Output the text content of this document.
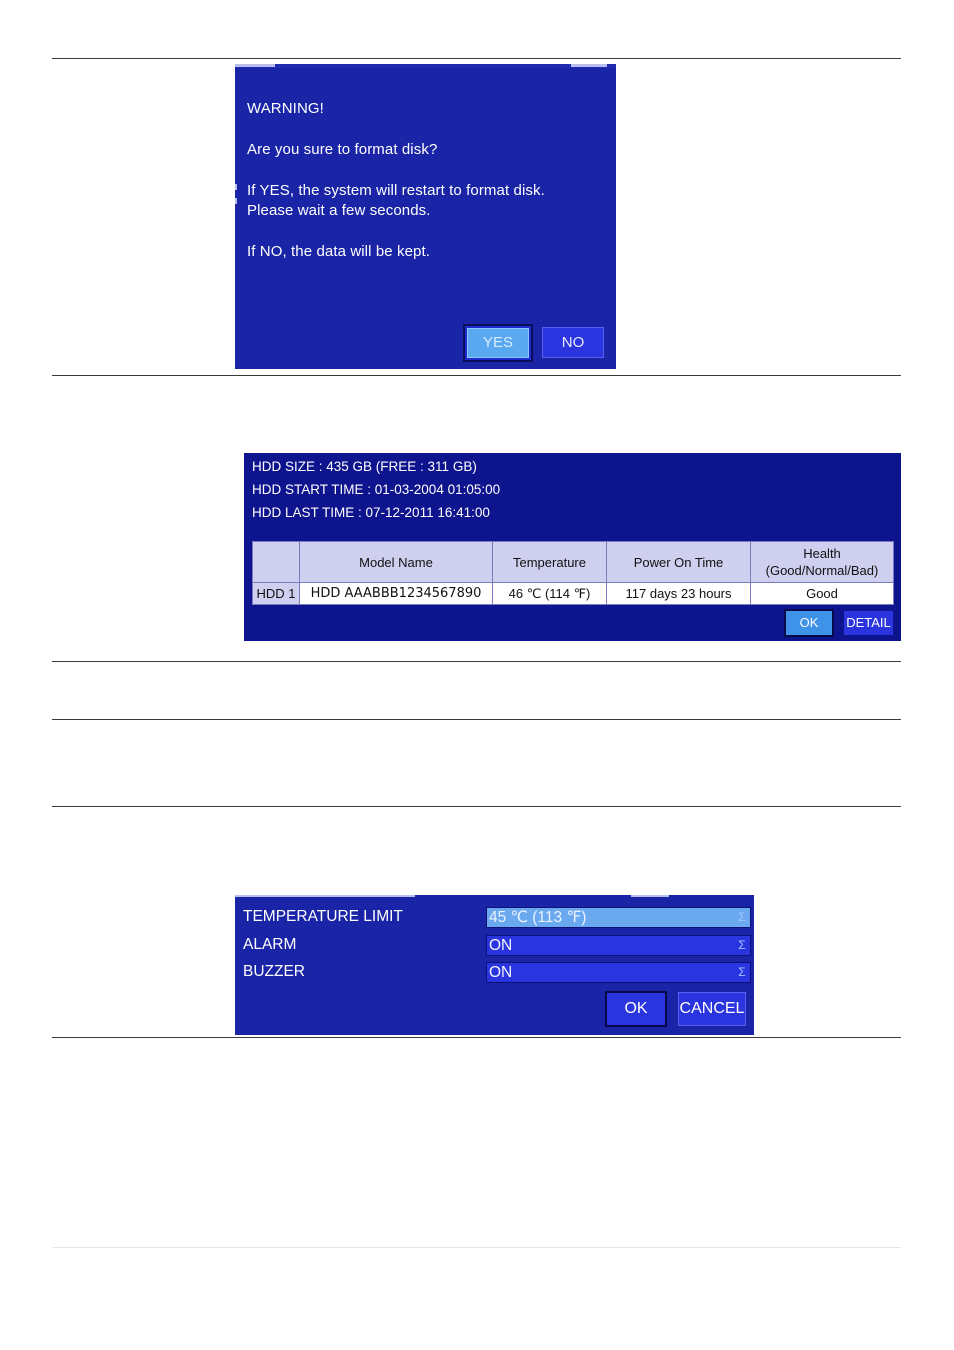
WARNING!
Are you sure to format disk?
If YES, the system will restart to format disk.
Please wait a few seconds.
If NO, the data will be kept.
YES	NO
HDD SIZE : 435 GB (FREE : 311 GB)
HDD START TIME : 01-03-2004 01:05:00
HDD LAST TIME : 07-12-2011 16:41:00
	Model Name	Temperature	Power On Time	Health
(Good/Normal/Bad)

HDD 1	HDD AAABBB1234567890	46 ℃ (114 ℉)	117 days 23 hours	Good
OK	DETAIL
TEMPERATURE LIMIT	45 ℃ (113 ℉)	Σ
ALARM	ON	Σ
BUZZER	ON	Σ
OK	CANCEL
